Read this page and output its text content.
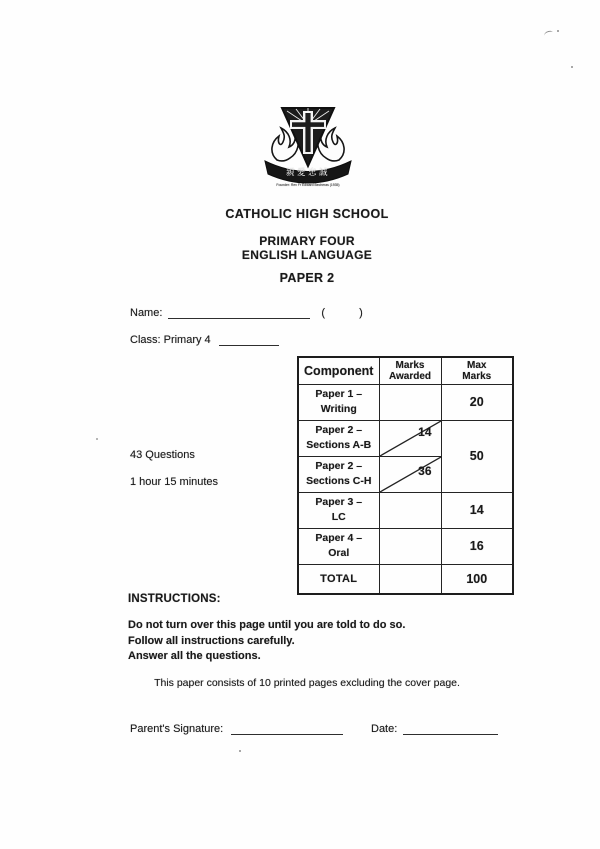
親愛忠誠
Founder: Rev Fr Edward Becheras (1935)
CATHOLIC HIGH SCHOOL
PRIMARY FOUR
ENGLISH LANGUAGE
PAPER 2
Name:	(	)
Class: Primary 4
43 Questions
1 hour 15 minutes
Component	Marks Awarded	Max Marks

Paper 1 –
Writing		20

Paper 2 –
Sections A-B	14	50

Paper 2 –
Sections C-H	36	

Paper 3 –
LC		14

Paper 4 –
Oral		16
TOTAL		100
INSTRUCTIONS:

Do not turn over this page until you are told to do so.

Follow all instructions carefully.

Answer all the questions.

This paper consists of 10 printed pages excluding the cover page.
Parent's Signature:	Date:
